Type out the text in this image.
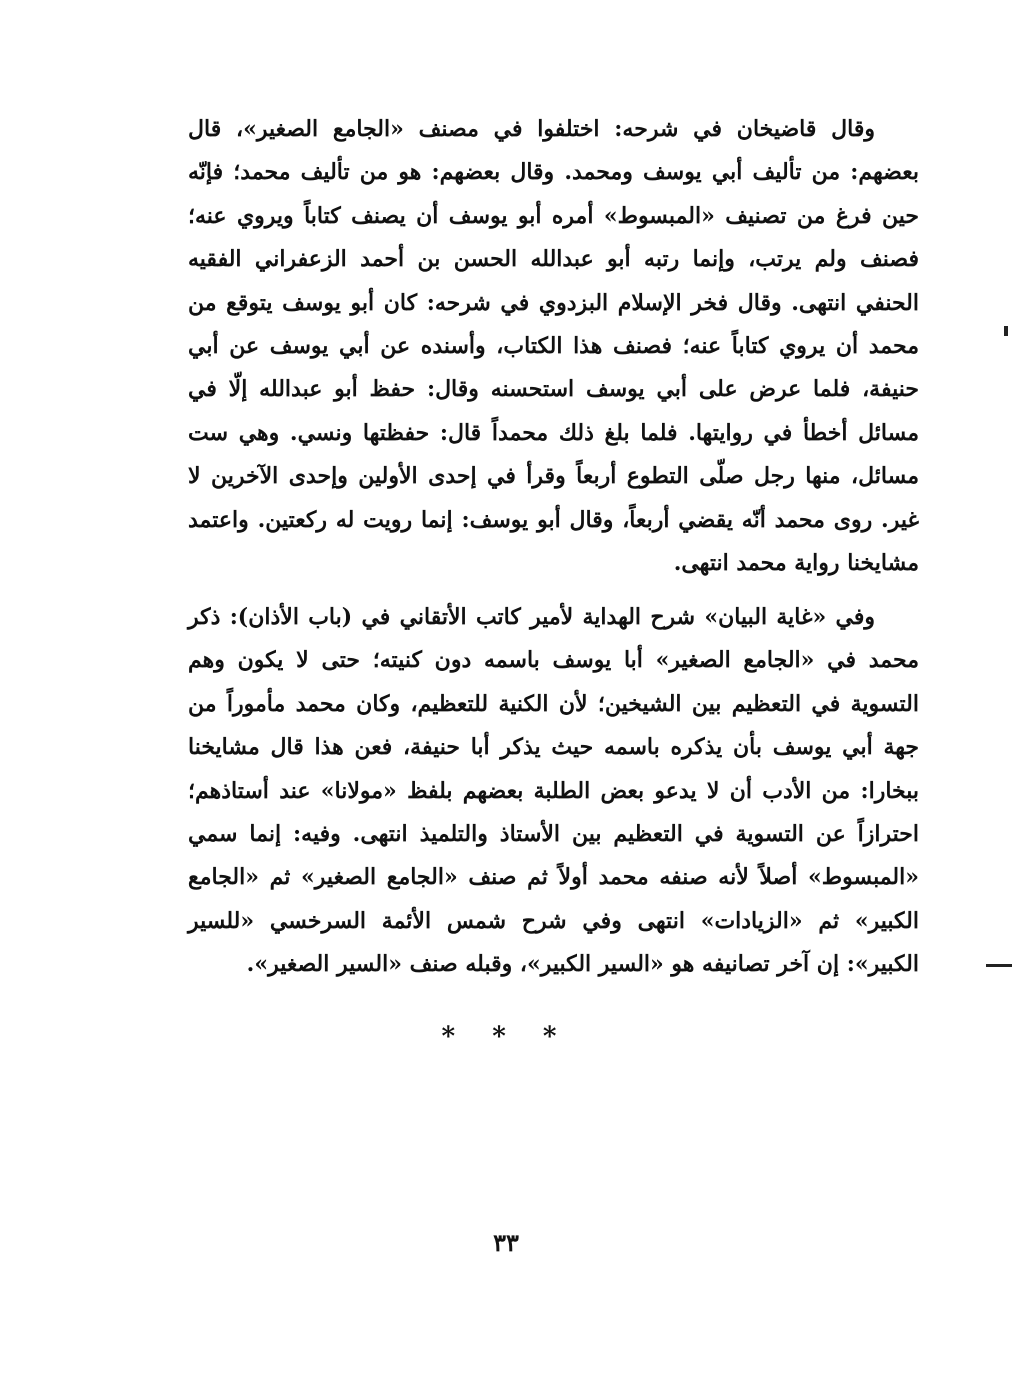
وقال قاضيخان في شرحه: اختلفوا في مصنف «الجامع الصغير»، قال بعضهم: من تأليف أبي يوسف ومحمد. وقال بعضهم: هو من تأليف محمد؛ فإنّه حين فرغ من تصنيف «المبسوط» أمره أبو يوسف أن يصنف كتاباً ويروي عنه؛ فصنف ولم يرتب، وإنما رتبه أبو عبدالله الحسن بن أحمد الزعفراني الفقيه الحنفي انتهى. وقال فخر الإسلام البزدوي في شرحه: كان أبو يوسف يتوقع من محمد أن يروي كتاباً عنه؛ فصنف هذا الكتاب، وأسنده عن أبي يوسف عن أبي حنيفة، فلما عرض على أبي يوسف استحسنه وقال: حفظ أبو عبدالله إلّا في مسائل أخطأ في روايتها. فلما بلغ ذلك محمداً قال: حفظتها ونسي. وهي ست مسائل، منها رجل صلّى التطوع أربعاً وقرأ في إحدى الأولين وإحدى الآخرين لا غير. روى محمد أنّه يقضي أربعاً، وقال أبو يوسف: إنما رويت له ركعتين. واعتمد مشايخنا رواية محمد انتهى.

وفي «غاية البيان» شرح الهداية لأمير كاتب الأتقاني في (باب الأذان): ذكر محمد في «الجامع الصغير» أبا يوسف باسمه دون كنيته؛ حتى لا يكون وهم التسوية في التعظيم بين الشيخين؛ لأن الكنية للتعظيم، وكان محمد مأموراً من جهة أبي يوسف بأن يذكره باسمه حيث يذكر أبا حنيفة، فعن هذا قال مشايخنا ببخارا: من الأدب أن لا يدعو بعض الطلبة بعضهم بلفظ «مولانا» عند أستاذهم؛ احترازاً عن التسوية في التعظيم بين الأستاذ والتلميذ انتهى. وفيه: إنما سمي «المبسوط» أصلاً لأنه صنفه محمد أولاً ثم صنف «الجامع الصغير» ثم «الجامع الكبير» ثم «الزيادات» انتهى وفي شرح شمس الأئمة السرخسي «للسير الكبير»: إن آخر تصانيفه هو «السير الكبير»، وقبله صنف «السير الصغير».

* * *
٣٣
